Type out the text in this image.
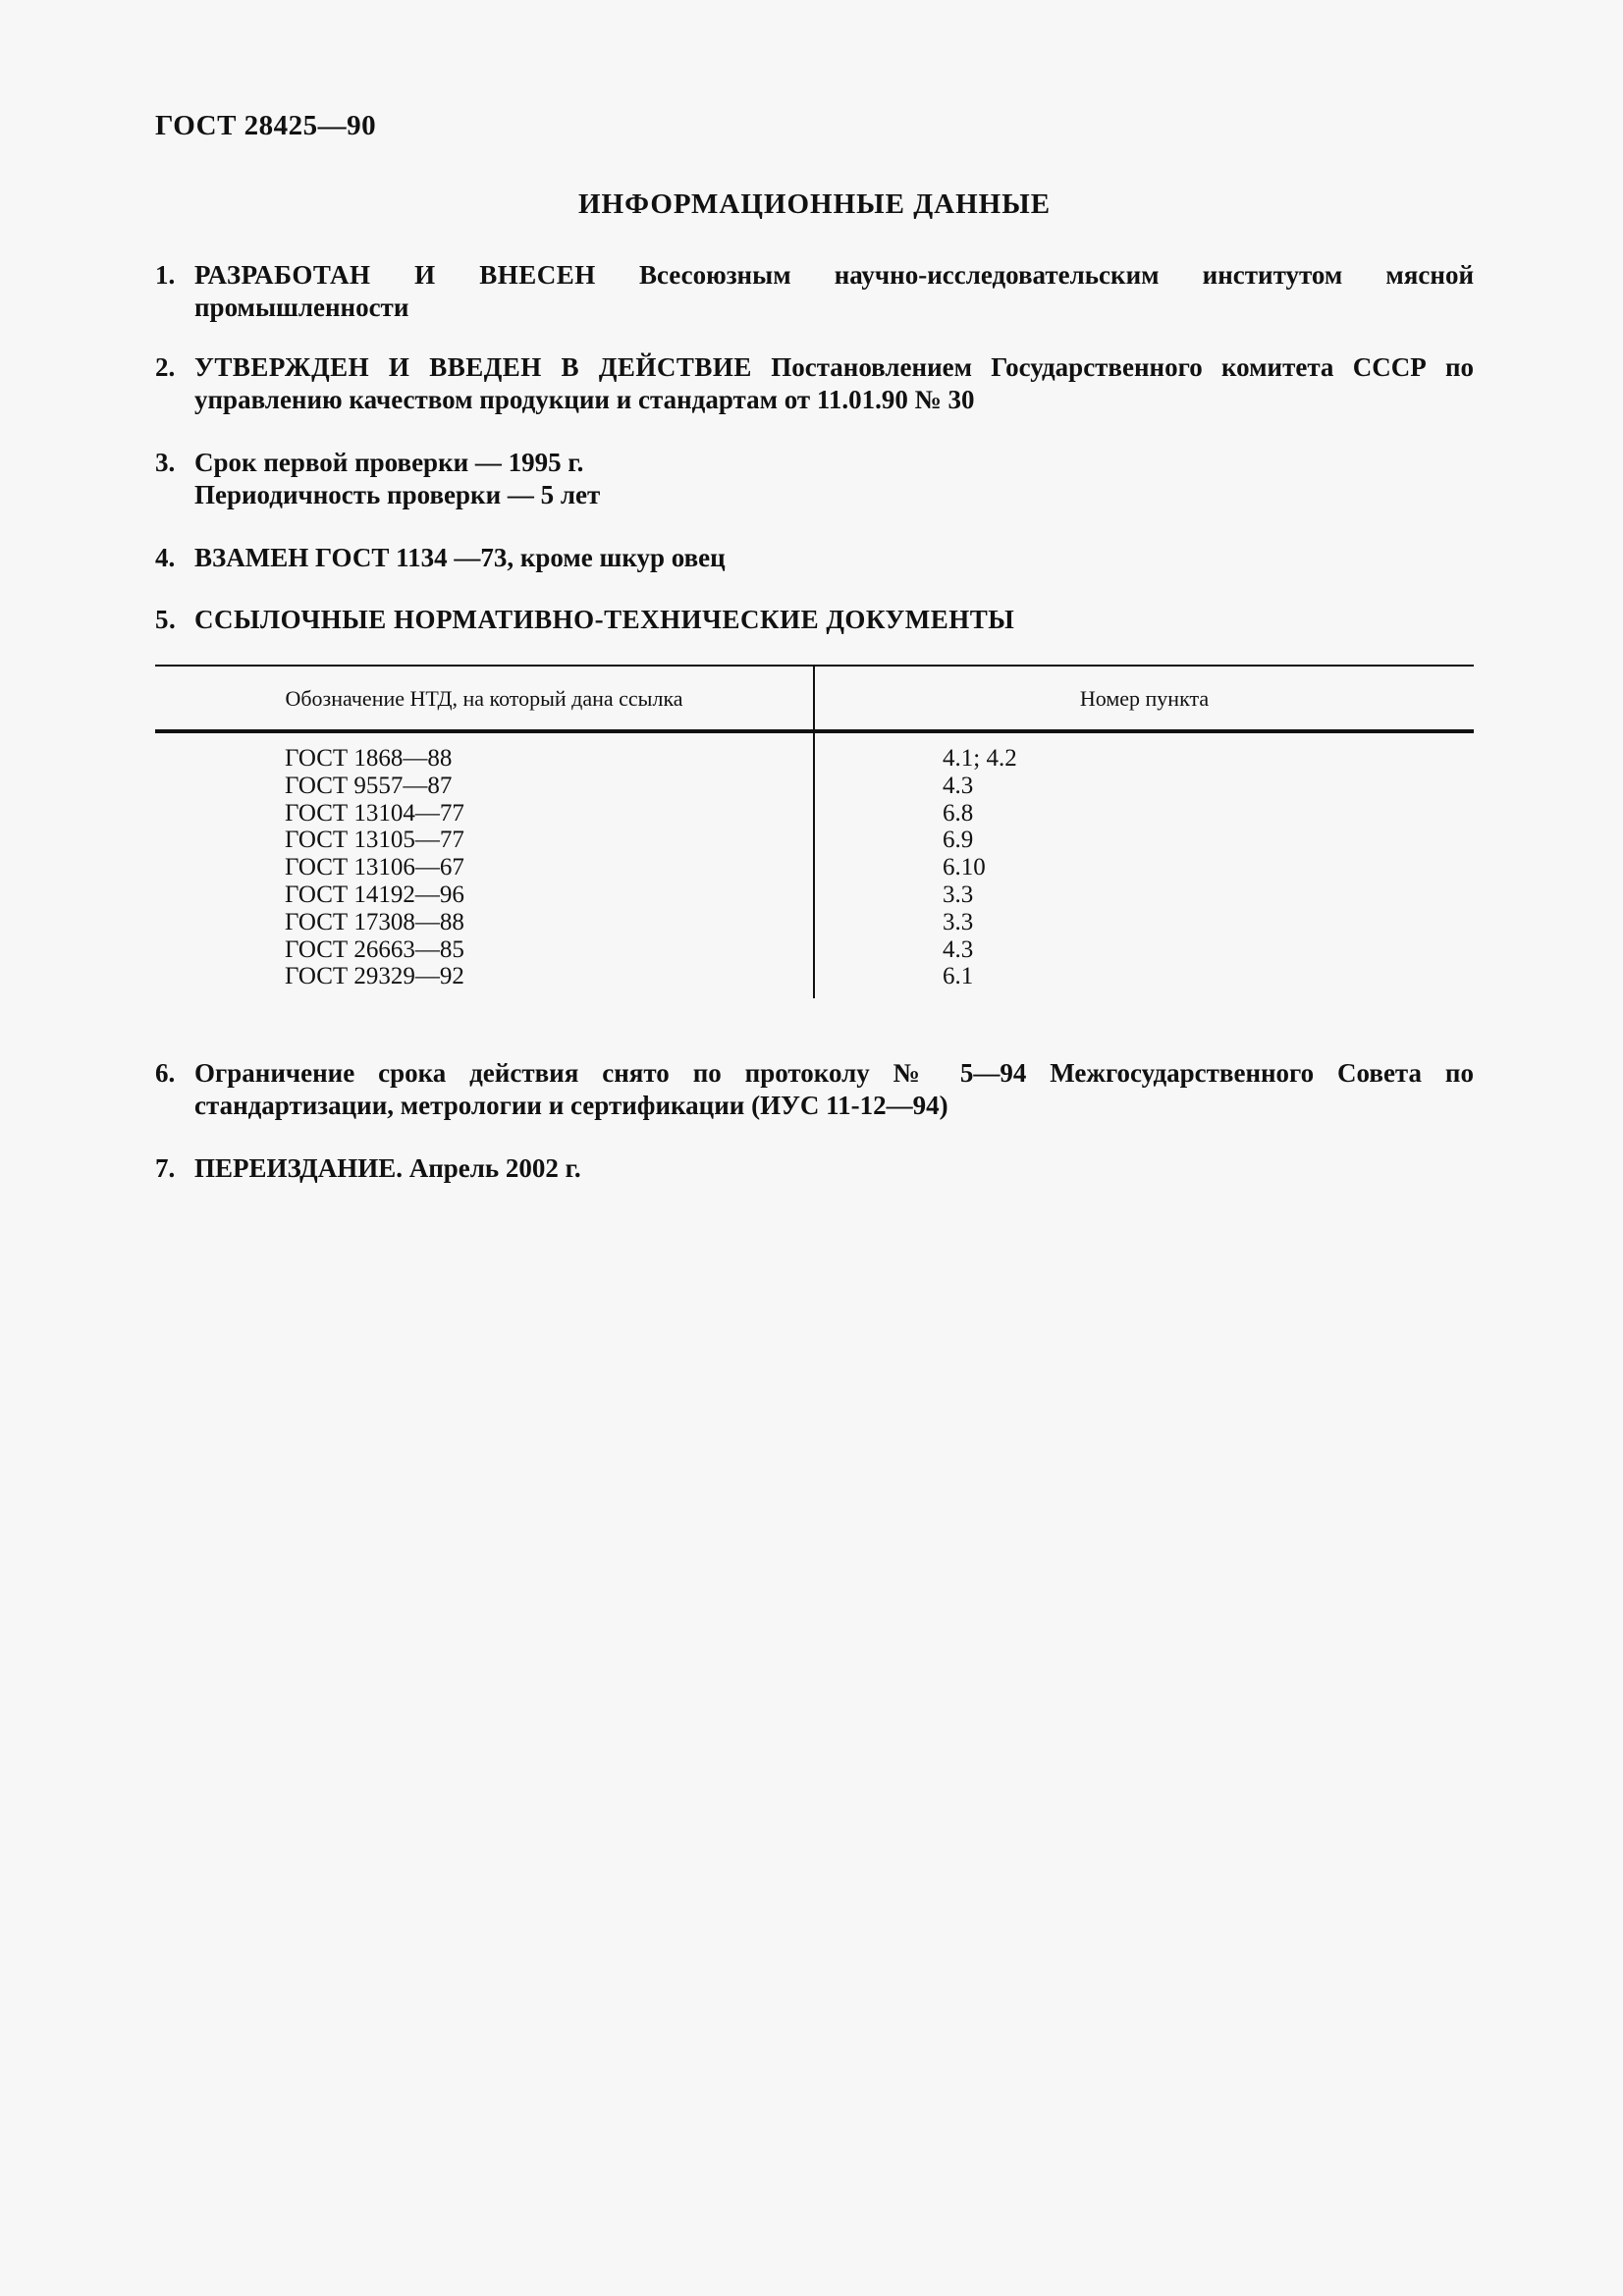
ГОСТ 28425—90
ИНФОРМАЦИОННЫЕ ДАННЫЕ
1. РАЗРАБОТАН И ВНЕСЕН Всесоюзным научно-исследовательским институтом мясной промышленности
2. УТВЕРЖДЕН И ВВЕДЕН В ДЕЙСТВИЕ Постановлением Государственного комитета СССР по управлению качеством продукции и стандартам от 11.01.90 № 30
3. Срок первой проверки — 1995 г.
Периодичность проверки — 5 лет
4. ВЗАМЕН ГОСТ 1134 —73, кроме шкур овец
5. ССЫЛОЧНЫЕ НОРМАТИВНО-ТЕХНИЧЕСКИЕ ДОКУМЕНТЫ
Обозначение НТД, на который дана ссылка	Номер пункта
ГОСТ 1868—88
ГОСТ 9557—87
ГОСТ 13104—77
ГОСТ 13105—77
ГОСТ 13106—67
ГОСТ 14192—96
ГОСТ 17308—88
ГОСТ 26663—85
ГОСТ 29329—92
4.1; 4.2
4.3
6.8
6.9
6.10
3.3
3.3
4.3
6.1
6. Ограничение срока действия снято по протоколу № 5—94 Межгосударственного Совета по стандартизации, метрологии и сертификации (ИУС 11-12—94)
7. ПЕРЕИЗДАНИЕ. Апрель 2002 г.
